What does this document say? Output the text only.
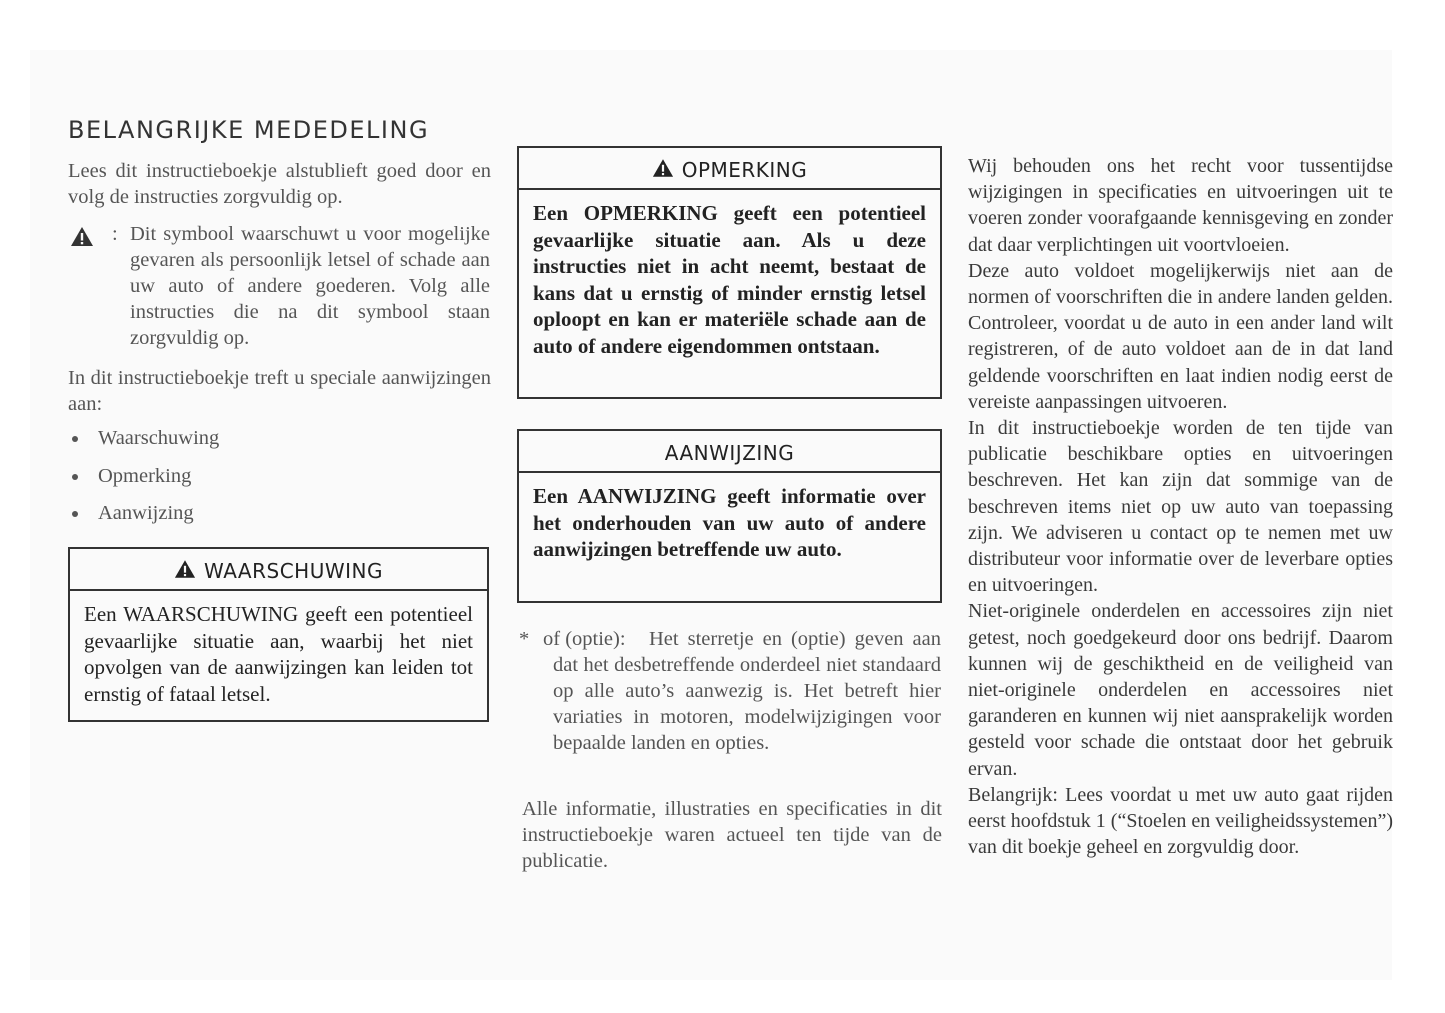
BELANGRIJKE MEDEDELING

Lees dit instructieboekje alstublieft goed door en volg de instructies zorgvuldig op.

: Dit symbool waarschuwt u voor mogelijke gevaren als persoonlijk letsel of schade aan uw auto of andere goederen. Volg alle instructies die na dit symbool staan zorgvuldig op.

In dit instructieboekje treft u speciale aanwijzingen aan:

Waarschuwing
Opmerking
Aanwijzing
WAARSCHUWING
Een WAARSCHUWING geeft een potentieel gevaarlijke situatie aan, waarbij het niet opvolgen van de aanwijzingen kan leiden tot ernstig of fataal letsel.
OPMERKING
Een OPMERKING geeft een potentieel gevaarlijke situatie aan. Als u deze instructies niet in acht neemt, bestaat de kans dat u ernstig of minder ernstig letsel oploopt en kan er materiële schade aan de auto of andere eigendommen ontstaan.
AANWIJZING
Een AANWIJZING geeft informatie over het onderhouden van uw auto of andere aanwijzingen betreffende uw auto.
* of (optie):	Het sterretje en (optie) geven aan dat het desbetreffende onderdeel niet standaard op alle auto’s aanwezig is. Het betreft hier variaties in motoren, modelwijzigingen voor bepaalde landen en opties.

Alle informatie, illustraties en specificaties in dit instructieboekje waren actueel ten tijde van de publicatie.

Wij behouden ons het recht voor tussentijdse wijzigingen in specificaties en uitvoeringen uit te voeren zonder voorafgaande kennisgeving en zonder dat daar verplichtingen uit voortvloeien.

Deze auto voldoet mogelijkerwijs niet aan de normen of voorschriften die in andere landen gelden. Controleer, voordat u de auto in een ander land wilt registreren, of de auto voldoet aan de in dat land geldende voorschriften en laat indien nodig eerst de vereiste aanpassingen uitvoeren.

In dit instructieboekje worden de ten tijde van publicatie beschikbare opties en uitvoeringen beschreven. Het kan zijn dat sommige van de beschreven items niet op uw auto van toepassing zijn. We adviseren u contact op te nemen met uw distributeur voor informatie over de leverbare opties en uitvoeringen.

Niet-originele onderdelen en accessoires zijn niet getest, noch goedgekeurd door ons bedrijf. Daarom kunnen wij de geschiktheid en de veiligheid van niet-originele onderdelen en accessoires niet garanderen en kunnen wij niet aansprakelijk worden gesteld voor schade die ontstaat door het gebruik ervan.

Belangrijk: Lees voordat u met uw auto gaat rijden eerst hoofdstuk 1 (“Stoelen en veiligheidssystemen”) van dit boekje geheel en zorgvuldig door.
